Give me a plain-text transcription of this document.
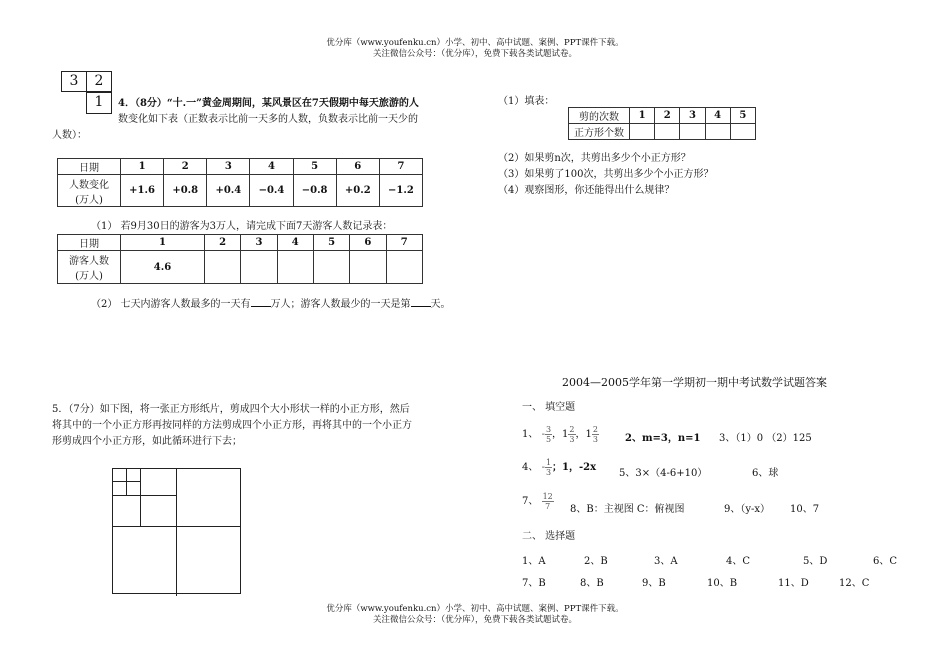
优分库（www.youfenku.cn）小学、初中、高中试题、案例、PPT课件下载。
关注微信公众号：（优分库），免费下载各类试题试卷。
3	2
1	4．（8分）“十.一”黄金周期间，某风景区在7天假期中每天旅游的人
数变化如下表（正数表示比前一天多的人数，负数表示比前一天少的
人数）：
日期	1	2	3	4	5	6	7

人数变化
(万人)	+1.6	+0.8	+0.4	−0.4	−0.8	+0.2	−1.2
（1） 若9月30日的游客为3万人，请完成下面7天游客人数记录表：
日期	1	2	3	4	5	6	7

游客人数
(万人)	4.6						
（2） 七天内游客人数最多的一天有 万人；游客人数最少的一天是第 天。
5．（7分）如下图，将一张正方形纸片，剪成四个大小形状一样的小正方形，然后
将其中的一个小正方形再按同样的方法剪成四个小正方形，再将其中的一个小正方
形剪成四个小正方形，如此循环进行下去；
（1）填表：
剪的次数	1	2	3	4	5
正方形个数					
（2）如果剪n次，共剪出多少个小正方形？
（3）如果剪了100次，共剪出多少个小正方形？
（4）观察图形，你还能得出什么规律？
2004—2005学年第一学期初一期中考试数学试题答案
一、 填空题
1、 - $\frac{3}{5}$ ，$1 \frac{2}{3}$ ，$1 \frac{2}{3}$	2、m=3，n=1 3、（1）0 （2）125
4、 - $\frac{1}{3}$ ；1，-2x
5、3×（4-6+10）	6、球
7、 $\frac{12}{7} 8$、B：主视图 C：俯视图	9、（y-x） 10、7
二、 选择题
1、A	2、B	3、A	4、C	5、D	6、C
7、B	8、B	9、B	10、B	11、D	12、C
优分库（www.youfenku.cn）小学、初中、高中试题、案例、PPT课件下载。
关注微信公众号：（优分库），免费下载各类试题试卷。
